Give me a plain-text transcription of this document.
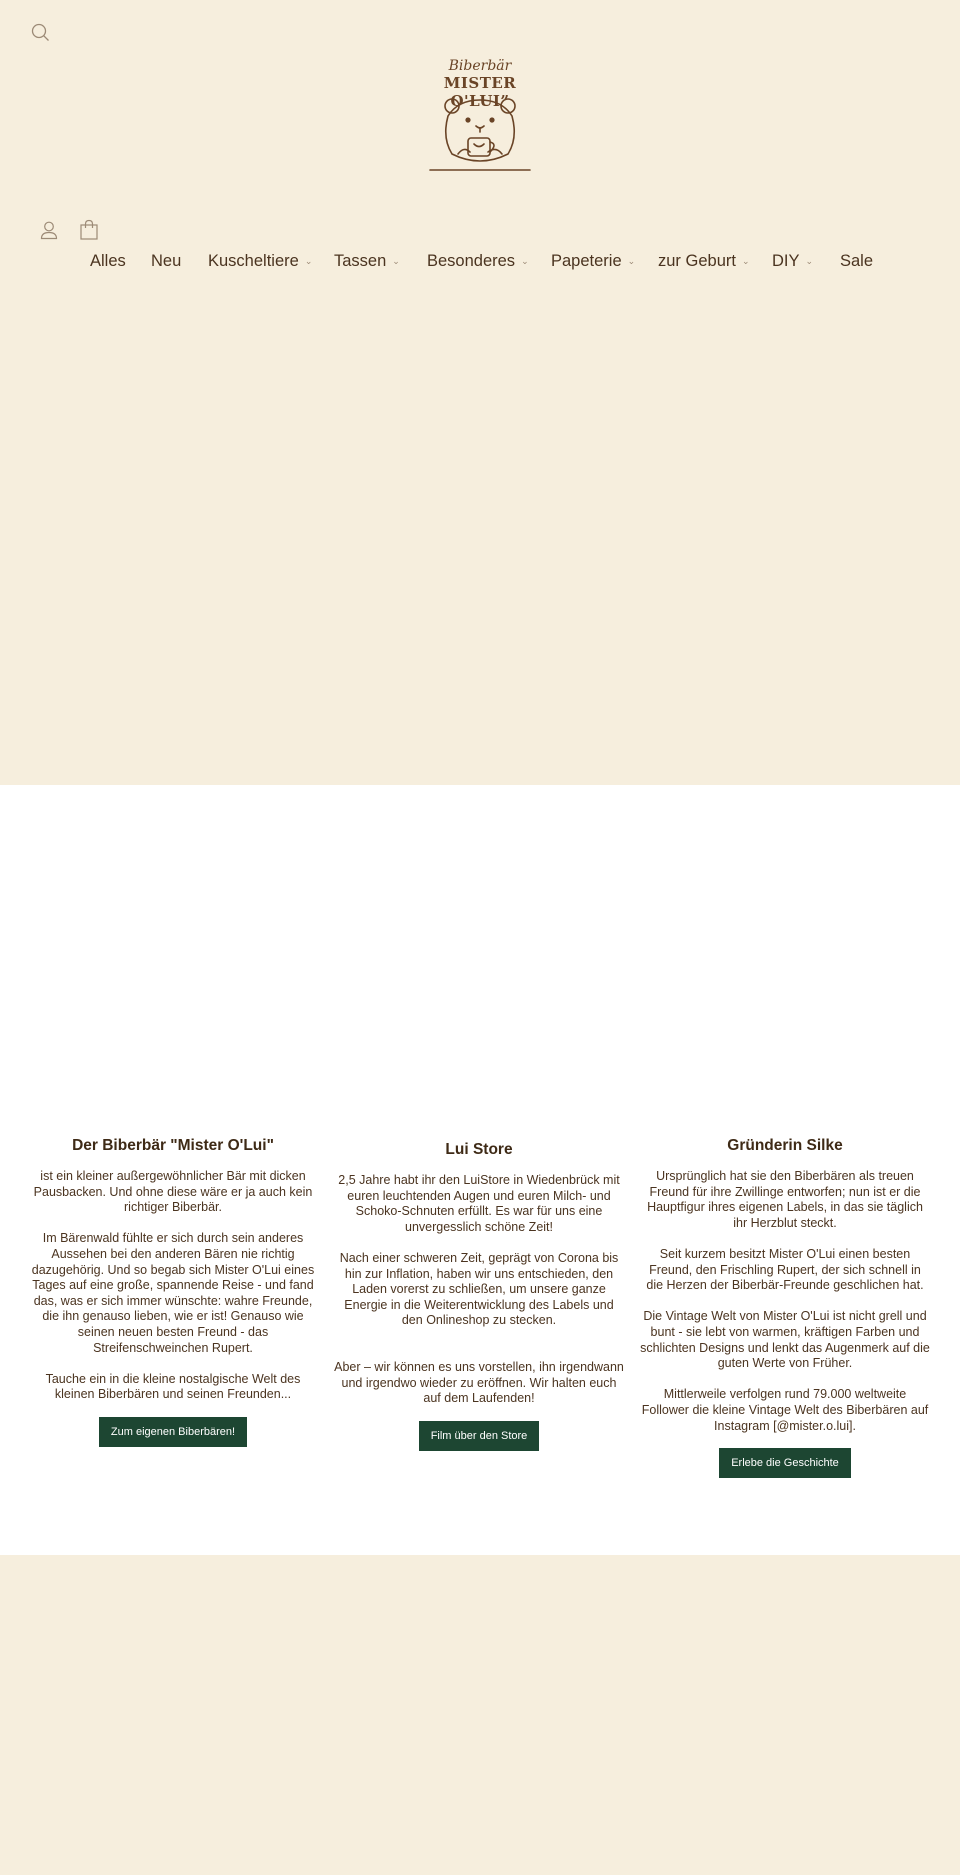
Biberbär
MISTER O'LUI”
Alles Neu Kuscheltiere ⌄ Tassen ⌄ Besonderes ⌄ Papeterie ⌄ zur Geburt ⌄ DIY ⌄ Sale
Der Biberbär "Mister O'Lui"

ist ein kleiner außergewöhnlicher Bär mit dicken Pausbacken. Und ohne diese wäre er ja auch kein richtiger Biberbär.

Im Bärenwald fühlte er sich durch sein anderes Aussehen bei den anderen Bären nie richtig dazugehörig. Und so begab sich Mister O'Lui eines Tages auf eine große, spannende Reise - und fand das, was er sich immer wünschte: wahre Freunde, die ihn genauso lieben, wie er ist! Genauso wie seinen neuen besten Freund - das Streifenschweinchen Rupert.

Tauche ein in die kleine nostalgische Welt des kleinen Biberbären und seinen Freunden...

Zum eigenen Biberbären!
Lui Store

2,5 Jahre habt ihr den LuiStore in Wiedenbrück mit euren leuchtenden Augen und euren Milch- und Schoko-Schnuten erfüllt. Es war für uns eine unvergesslich schöne Zeit!

Nach einer schweren Zeit, geprägt von Corona bis hin zur Inflation, haben wir uns entschieden, den Laden vorerst zu schließen, um unsere ganze Energie in die Weiterentwicklung des Labels und den Onlineshop zu stecken.

Aber – wir können es uns vorstellen, ihn irgendwann und irgendwo wieder zu eröffnen. Wir halten euch auf dem Laufenden!

Film über den Store
Gründerin Silke

Ursprünglich hat sie den Biberbären als treuen Freund für ihre Zwillinge entworfen; nun ist er die Hauptfigur ihres eigenen Labels, in das sie täglich ihr Herzblut steckt.

Seit kurzem besitzt Mister O'Lui einen besten Freund, den Frischling Rupert, der sich schnell in die Herzen der Biberbär-Freunde geschlichen hat.

Die Vintage Welt von Mister O'Lui ist nicht grell und bunt - sie lebt von warmen, kräftigen Farben und schlichten Designs und lenkt das Augenmerk auf die guten Werte von Früher.

Mittlerweile verfolgen rund 79.000 weltweite Follower die kleine Vintage Welt des Biberbären auf Instagram [@mister.o.lui].

Erlebe die Geschichte
